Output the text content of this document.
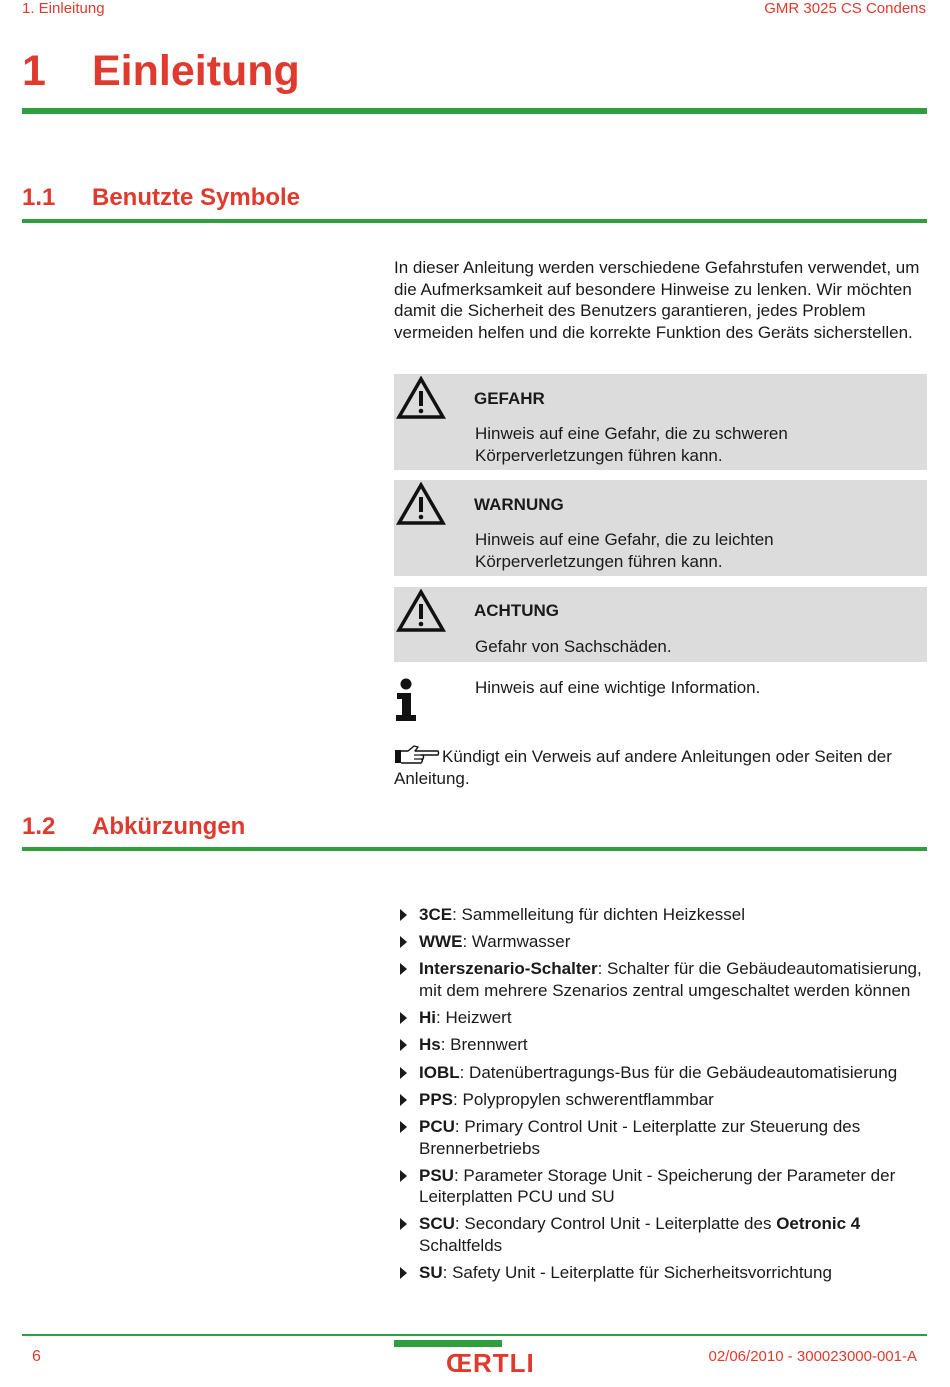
1. Einleitung	GMR 3025 CS Condens
1 Einleitung
1.1 Benutzte Symbole
In dieser Anleitung werden verschiedene Gefahrstufen verwendet, um die Aufmerksamkeit auf besondere Hinweise zu lenken. Wir möchten damit die Sicherheit des Benutzers garantieren, jedes Problem vermeiden helfen und die korrekte Funktion des Geräts sicherstellen.
GEFAHR
Hinweis auf eine Gefahr, die zu schweren Körperverletzungen führen kann.
WARNUNG
Hinweis auf eine Gefahr, die zu leichten Körperverletzungen führen kann.
ACHTUNG
Gefahr von Sachschäden.
Hinweis auf eine wichtige Information.
Kündigt ein Verweis auf andere Anleitungen oder Seiten der Anleitung.
1.2 Abkürzungen
3CE: Sammelleitung für dichten Heizkessel
WWE: Warmwasser
Interszenario-Schalter: Schalter für die Gebäudeautomatisierung, mit dem mehrere Szenarios zentral umgeschaltet werden können
Hi: Heizwert
Hs: Brennwert
IOBL: Datenübertragungs-Bus für die Gebäudeautomatisierung
PPS: Polypropylen schwerentflammbar
PCU: Primary Control Unit - Leiterplatte zur Steuerung des Brennerbetriebs
PSU: Parameter Storage Unit - Speicherung der Parameter der Leiterplatten PCU und SU
SCU: Secondary Control Unit - Leiterplatte des Oetronic 4 Schaltfelds
SU: Safety Unit - Leiterplatte für Sicherheitsvorrichtung
6	ŒRTLI	02/06/2010 - 300023000-001-A
